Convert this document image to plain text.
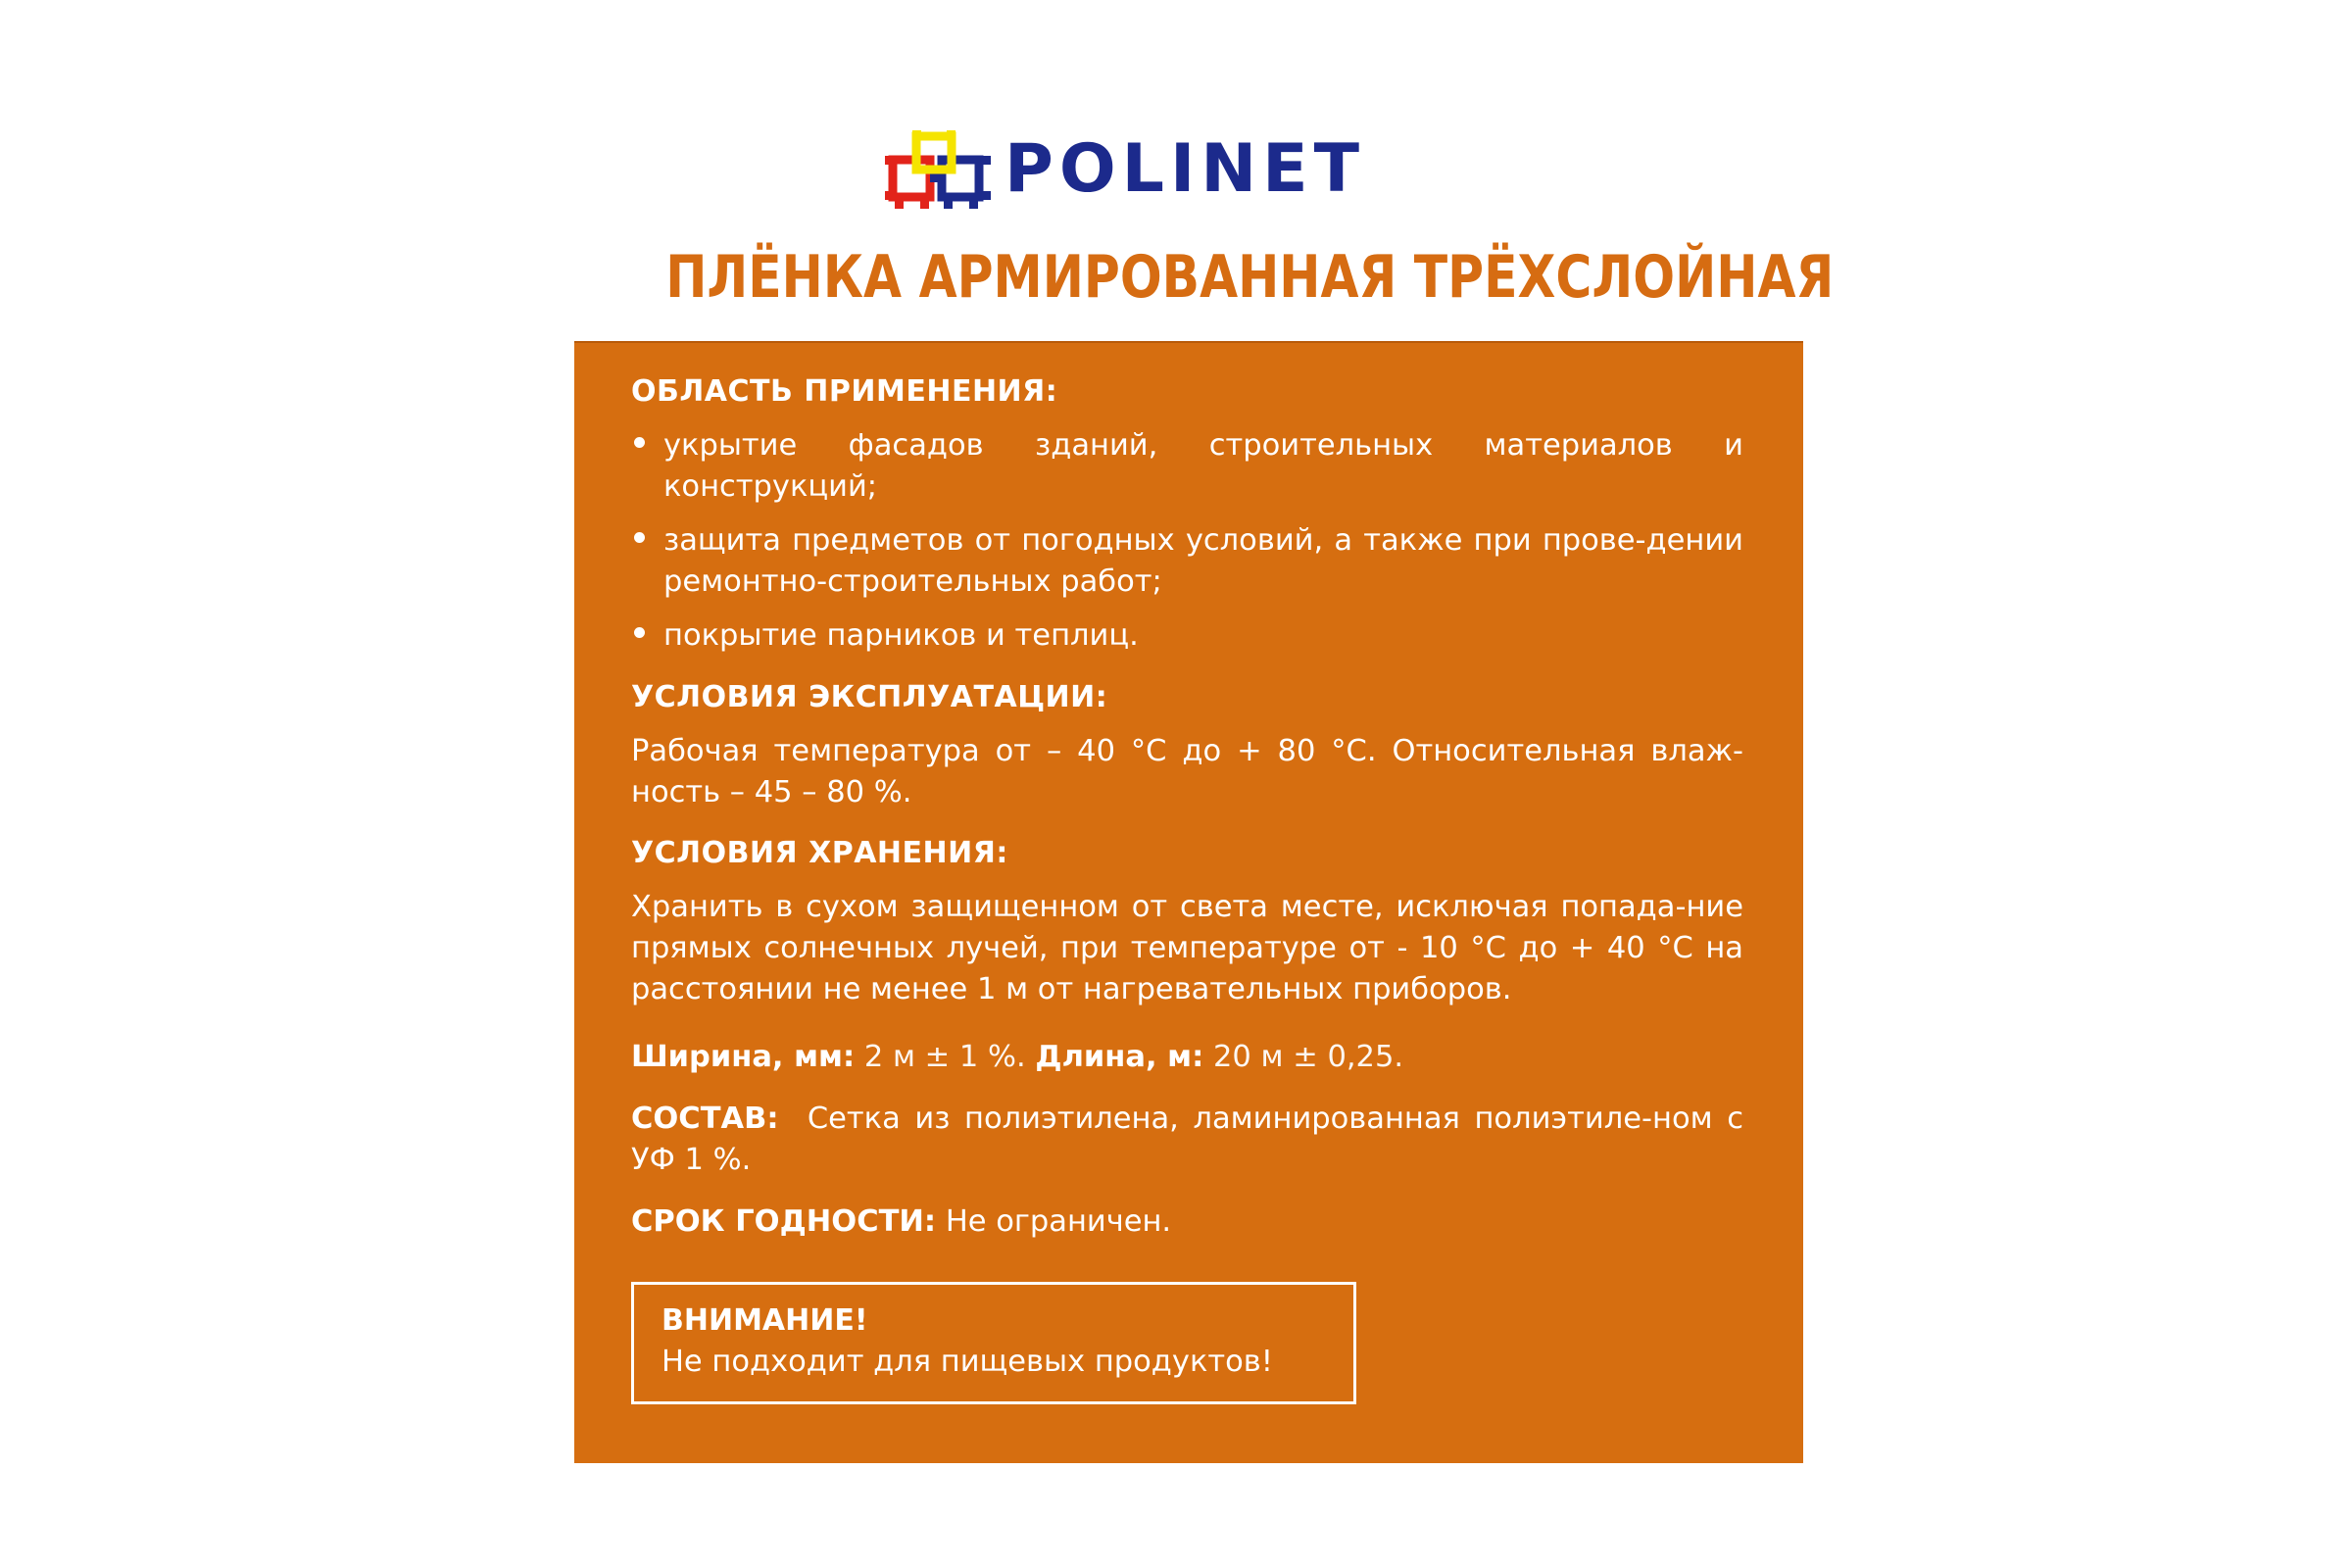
POLINET
ПЛЁНКА АРМИРОВАННАЯ ТРЁХСЛОЙНАЯ
ОБЛАСТЬ ПРИМЕНЕНИЯ:
укрытие фасадов зданий, строительных материалов и конструкций;
защита предметов от погодных условий, а также при прове-дении ремонтно-строительных работ;
покрытие парников и теплиц.
УСЛОВИЯ ЭКСПЛУАТАЦИИ:
Рабочая температура от – 40 °С до + 80 °С. Относительная влаж-ность – 45 – 80 %.
УСЛОВИЯ ХРАНЕНИЯ:
Хранить в сухом защищенном от света месте, исключая попада-ние прямых солнечных лучей, при температуре от - 10 °С до + 40 °С на расстоянии не менее 1 м от нагревательных приборов.
Ширина, мм: 2 м ± 1 %. Длина, м: 20 м ± 0,25.
СОСТАВ: Сетка из полиэтилена, ламинированная полиэтиле-ном с УФ 1 %.
СРОК ГОДНОСТИ: Не ограничен.
ВНИМАНИЕ!
Не подходит для пищевых продуктов!
